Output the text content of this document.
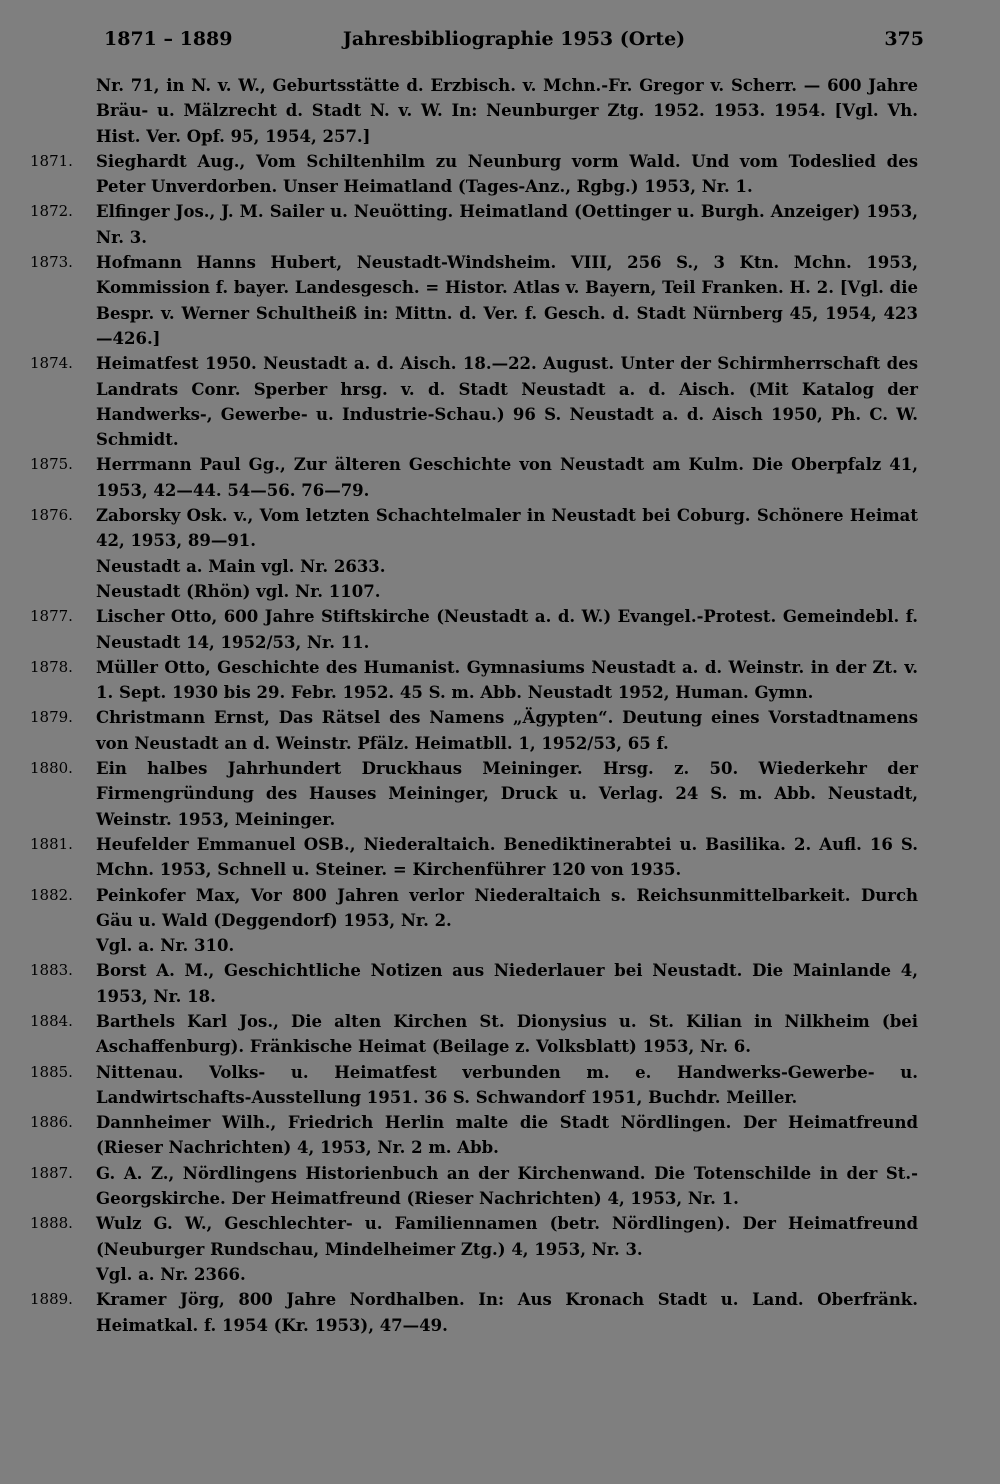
1871 – 1889	Jahresbibliographie 1953 (Orte)	375

Nr. 71, in N. v. W., Geburtsstätte d. Erzbisch. v. Mchn.-Fr. Gregor v. Scherr. — 600 Jahre Bräu- u. Mälzrecht d. Stadt N. v. W. In: Neunburger Ztg. 1952. 1953. 1954. [Vgl. Vh. Hist. Ver. Opf. 95, 1954, 257.]

1871. Sieghardt Aug., Vom Schiltenhilm zu Neunburg vorm Wald. Und vom Todeslied des Peter Unverdorben. Unser Heimatland (Tages-Anz., Rgbg.) 1953, Nr. 1.

1872. Elfinger Jos., J. M. Sailer u. Neuötting. Heimatland (Oettinger u. Burgh. Anzeiger) 1953, Nr. 3.

1873. Hofmann Hanns Hubert, Neustadt-Windsheim. VIII, 256 S., 3 Ktn. Mchn. 1953, Kommission f. bayer. Landesgesch. = Histor. Atlas v. Bayern, Teil Franken. H. 2. [Vgl. die Bespr. v. Werner Schultheiß in: Mittn. d. Ver. f. Gesch. d. Stadt Nürnberg 45, 1954, 423—426.]

1874. Heimatfest 1950. Neustadt a. d. Aisch. 18.—22. August. Unter der Schirmherrschaft des Landrats Conr. Sperber hrsg. v. d. Stadt Neustadt a. d. Aisch. (Mit Katalog der Handwerks-, Gewerbe- u. Industrie-Schau.) 96 S. Neustadt a. d. Aisch 1950, Ph. C. W. Schmidt.

1875. Herrmann Paul Gg., Zur älteren Geschichte von Neustadt am Kulm. Die Oberpfalz 41, 1953, 42—44. 54—56. 76—79.

1876. Zaborsky Osk. v., Vom letzten Schachtelmaler in Neustadt bei Coburg. Schönere Heimat 42, 1953, 89—91.

Neustadt a. Main vgl. Nr. 2633.

Neustadt (Rhön) vgl. Nr. 1107.

1877. Lischer Otto, 600 Jahre Stiftskirche (Neustadt a. d. W.) Evangel.-Protest. Gemeindebl. f. Neustadt 14, 1952/53, Nr. 11.

1878. Müller Otto, Geschichte des Humanist. Gymnasiums Neustadt a. d. Weinstr. in der Zt. v. 1. Sept. 1930 bis 29. Febr. 1952. 45 S. m. Abb. Neustadt 1952, Human. Gymn.

1879. Christmann Ernst, Das Rätsel des Namens „Ägypten“. Deutung eines Vorstadtnamens von Neustadt an d. Weinstr. Pfälz. Heimatbll. 1, 1952/53, 65 f.

1880. Ein halbes Jahrhundert Druckhaus Meininger. Hrsg. z. 50. Wiederkehr der Firmengründung des Hauses Meininger, Druck u. Verlag. 24 S. m. Abb. Neustadt, Weinstr. 1953, Meininger.

1881. Heufelder Emmanuel OSB., Niederaltaich. Benediktinerabtei u. Basilika. 2. Aufl. 16 S. Mchn. 1953, Schnell u. Steiner. = Kirchenführer 120 von 1935.

1882. Peinkofer Max, Vor 800 Jahren verlor Niederaltaich s. Reichsunmittelbarkeit. Durch Gäu u. Wald (Deggendorf) 1953, Nr. 2.

Vgl. a. Nr. 310.

1883. Borst A. M., Geschichtliche Notizen aus Niederlauer bei Neustadt. Die Mainlande 4, 1953, Nr. 18.

1884. Barthels Karl Jos., Die alten Kirchen St. Dionysius u. St. Kilian in Nilkheim (bei Aschaffenburg). Fränkische Heimat (Beilage z. Volksblatt) 1953, Nr. 6.

1885. Nittenau. Volks- u. Heimatfest verbunden m. e. Handwerks-Gewerbe- u. Landwirtschafts-Ausstellung 1951. 36 S. Schwandorf 1951, Buchdr. Meiller.

1886. Dannheimer Wilh., Friedrich Herlin malte die Stadt Nördlingen. Der Heimatfreund (Rieser Nachrichten) 4, 1953, Nr. 2 m. Abb.

1887. G. A. Z., Nördlingens Historienbuch an der Kirchenwand. Die Totenschilde in der St.-Georgskirche. Der Heimatfreund (Rieser Nachrichten) 4, 1953, Nr. 1.

1888. Wulz G. W., Geschlechter- u. Familiennamen (betr. Nördlingen). Der Heimatfreund (Neuburger Rundschau, Mindelheimer Ztg.) 4, 1953, Nr. 3.

Vgl. a. Nr. 2366.

1889. Kramer Jörg, 800 Jahre Nordhalben. In: Aus Kronach Stadt u. Land. Oberfränk. Heimatkal. f. 1954 (Kr. 1953), 47—49.
